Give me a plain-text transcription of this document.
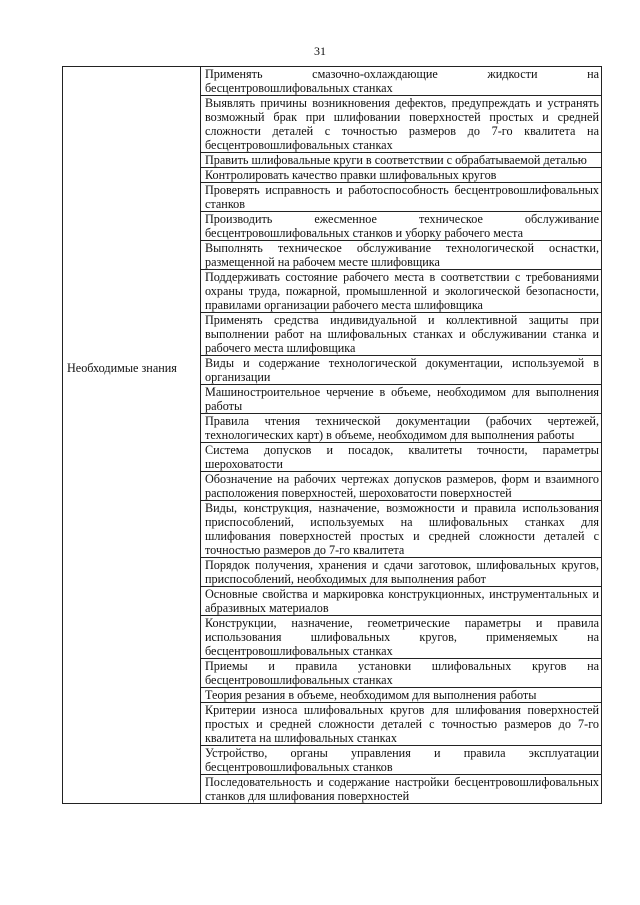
31
	Применять смазочно-охлаждающие жидкости на бесцентровошлифовальных станках
	Выявлять причины возникновения дефектов, предупреждать и устранять возможный брак при шлифовании поверхностей простых и средней сложности деталей с точностью размеров до 7-го квалитета на бесцентровошлифовальных станках
	Править шлифовальные круги в соответствии с обрабатываемой деталью
	Контролировать качество правки шлифовальных кругов
	Проверять исправность и работоспособность бесцентровошлифовальных станков
	Производить ежесменное техническое обслуживание бесцентровошлифовальных станков и уборку рабочего места
	Выполнять техническое обслуживание технологической оснастки, размещенной на рабочем месте шлифовщика
	Поддерживать состояние рабочего места в соответствии с требованиями охраны труда, пожарной, промышленной и экологической безопасности, правилами организации рабочего места шлифовщика
	Применять средства индивидуальной и коллективной защиты при выполнении работ на шлифовальных станках и обслуживании станка и рабочего места шлифовщика

Необходимые знания	Виды и содержание технологической документации, используемой в организации
	Машиностроительное черчение в объеме, необходимом для выполнения работы
	Правила чтения технической документации (рабочих чертежей, технологических карт) в объеме, необходимом для выполнения работы
	Система допусков и посадок, квалитеты точности, параметры шероховатости
	Обозначение на рабочих чертежах допусков размеров, форм и взаимного расположения поверхностей, шероховатости поверхностей
	Виды, конструкция, назначение, возможности и правила использования приспособлений, используемых на шлифовальных станках для шлифования поверхностей простых и средней сложности деталей с точностью размеров до 7-го квалитета
	Порядок получения, хранения и сдачи заготовок, шлифовальных кругов, приспособлений, необходимых для выполнения работ
	Основные свойства и маркировка конструкционных, инструментальных и абразивных материалов
	Конструкции, назначение, геометрические параметры и правила использования шлифовальных кругов, применяемых на бесцентровошлифовальных станках
	Приемы и правила установки шлифовальных кругов на бесцентровошлифовальных станках
	Теория резания в объеме, необходимом для выполнения работы
	Критерии износа шлифовальных кругов для шлифования поверхностей простых и средней сложности деталей с точностью размеров до 7-го квалитета на шлифовальных станках
	Устройство, органы управления и правила эксплуатации бесцентровошлифовальных станков
	Последовательность и содержание настройки бесцентровошлифовальных станков для шлифования поверхностей
